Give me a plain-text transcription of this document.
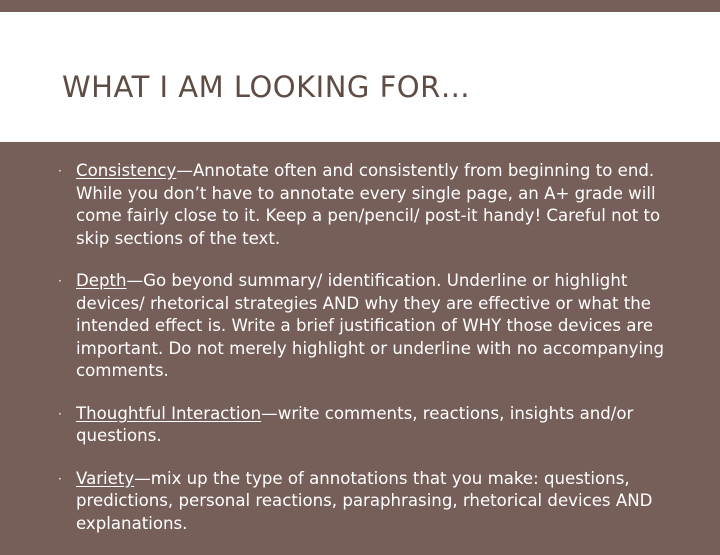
WHAT I AM LOOKING FOR…
· Consistency—Annotate often and consistently from beginning to end. While you don’t have to annotate every single page, an A+ grade will come fairly close to it. Keep a pen/pencil/ post-it handy! Careful not to skip sections of the text.
· Depth—Go beyond summary/ identification. Underline or highlight devices/ rhetorical strategies AND why they are effective or what the intended effect is. Write a brief justification of WHY those devices are important. Do not merely highlight or underline with no accompanying comments.
· Thoughtful Interaction—write comments, reactions, insights and/or questions.
· Variety—mix up the type of annotations that you make: questions, predictions, personal reactions, paraphrasing, rhetorical devices AND explanations.
